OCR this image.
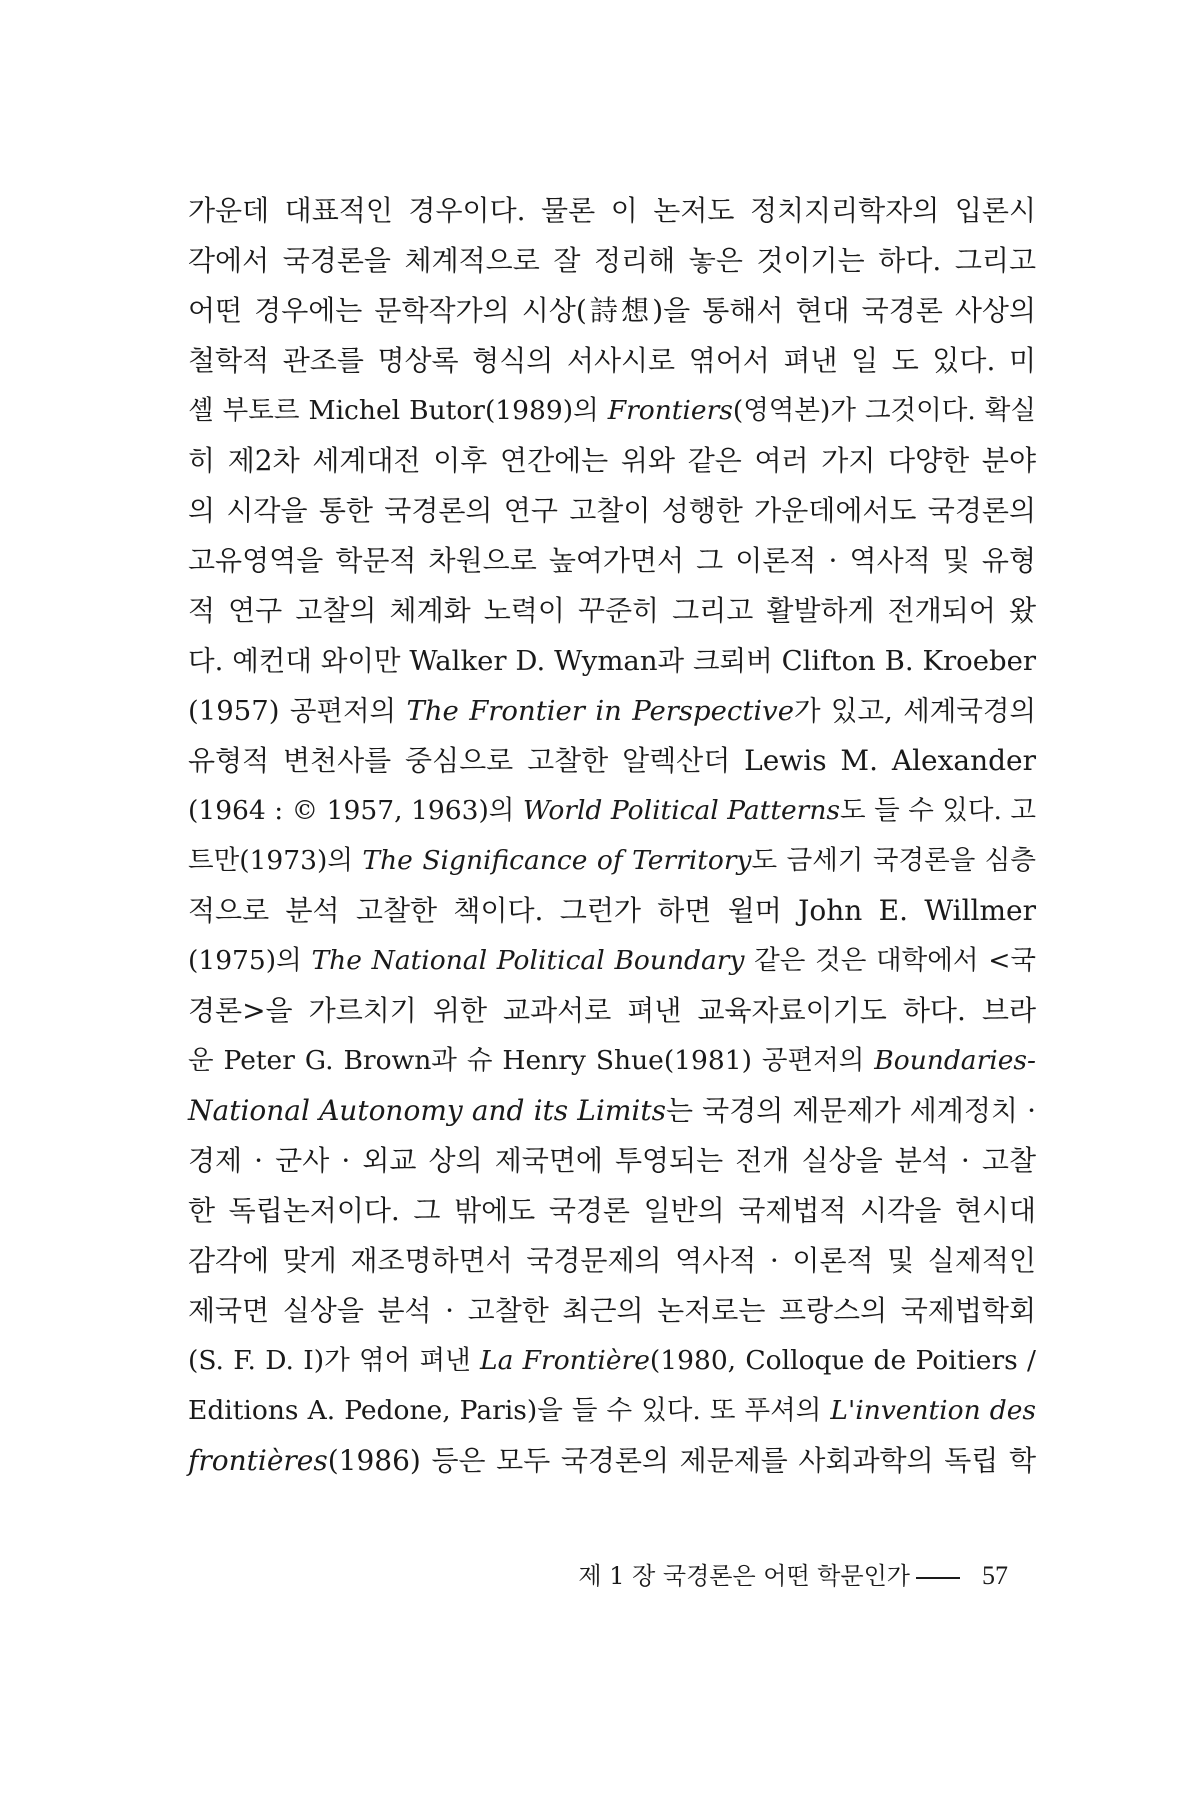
가운데 대표적인 경우이다. 물론 이 논저도 정치지리학자의 입론시
각에서 국경론을 체계적으로 잘 정리해 놓은 것이기는 하다. 그리고
어떤 경우에는 문학작가의 시상(詩想)을 통해서 현대 국경론 사상의
철학적 관조를 명상록 형식의 서사시로 엮어서 펴낸 일 도 있다. 미
셸 부토르 Michel Butor(1989)의 Frontiers(영역본)가 그것이다. 확실
히 제2차 세계대전 이후 연간에는 위와 같은 여러 가지 다양한 분야
의 시각을 통한 국경론의 연구 고찰이 성행한 가운데에서도 국경론의
고유영역을 학문적 차원으로 높여가면서 그 이론적 · 역사적 및 유형
적 연구 고찰의 체계화 노력이 꾸준히 그리고 활발하게 전개되어 왔
다. 예컨대 와이만 Walker D. Wyman과 크뢰버 Clifton B. Kroeber
(1957) 공편저의 The Frontier in Perspective가 있고, 세계국경의
유형적 변천사를 중심으로 고찰한 알렉산더 Lewis M. Alexander
(1964 : © 1957, 1963)의 World Political Patterns도 들 수 있다. 고
트만(1973)의 The Significance of Territory도 금세기 국경론을 심층
적으로 분석 고찰한 책이다. 그런가 하면 윌머 John E. Willmer
(1975)의 The National Political Boundary 같은 것은 대학에서 <국
경론>을 가르치기 위한 교과서로 펴낸 교육자료이기도 하다. 브라
운 Peter G. Brown과 슈 Henry Shue(1981) 공편저의 Boundaries-
National Autonomy and its Limits는 국경의 제문제가 세계정치 ·
경제 · 군사 · 외교 상의 제국면에 투영되는 전개 실상을 분석 · 고찰
한 독립논저이다. 그 밖에도 국경론 일반의 국제법적 시각을 현시대
감각에 맞게 재조명하면서 국경문제의 역사적 · 이론적 및 실제적인
제국면 실상을 분석 · 고찰한 최근의 논저로는 프랑스의 국제법학회
(S. F. D. I)가 엮어 펴낸 La Frontière(1980, Colloque de Poitiers /
Editions A. Pedone, Paris)을 들 수 있다. 또 푸셔의 L'invention des
frontières(1986) 등은 모두 국경론의 제문제를 사회과학의 독립 학
제 1 장 국경론은 어떤 학문인가	57
